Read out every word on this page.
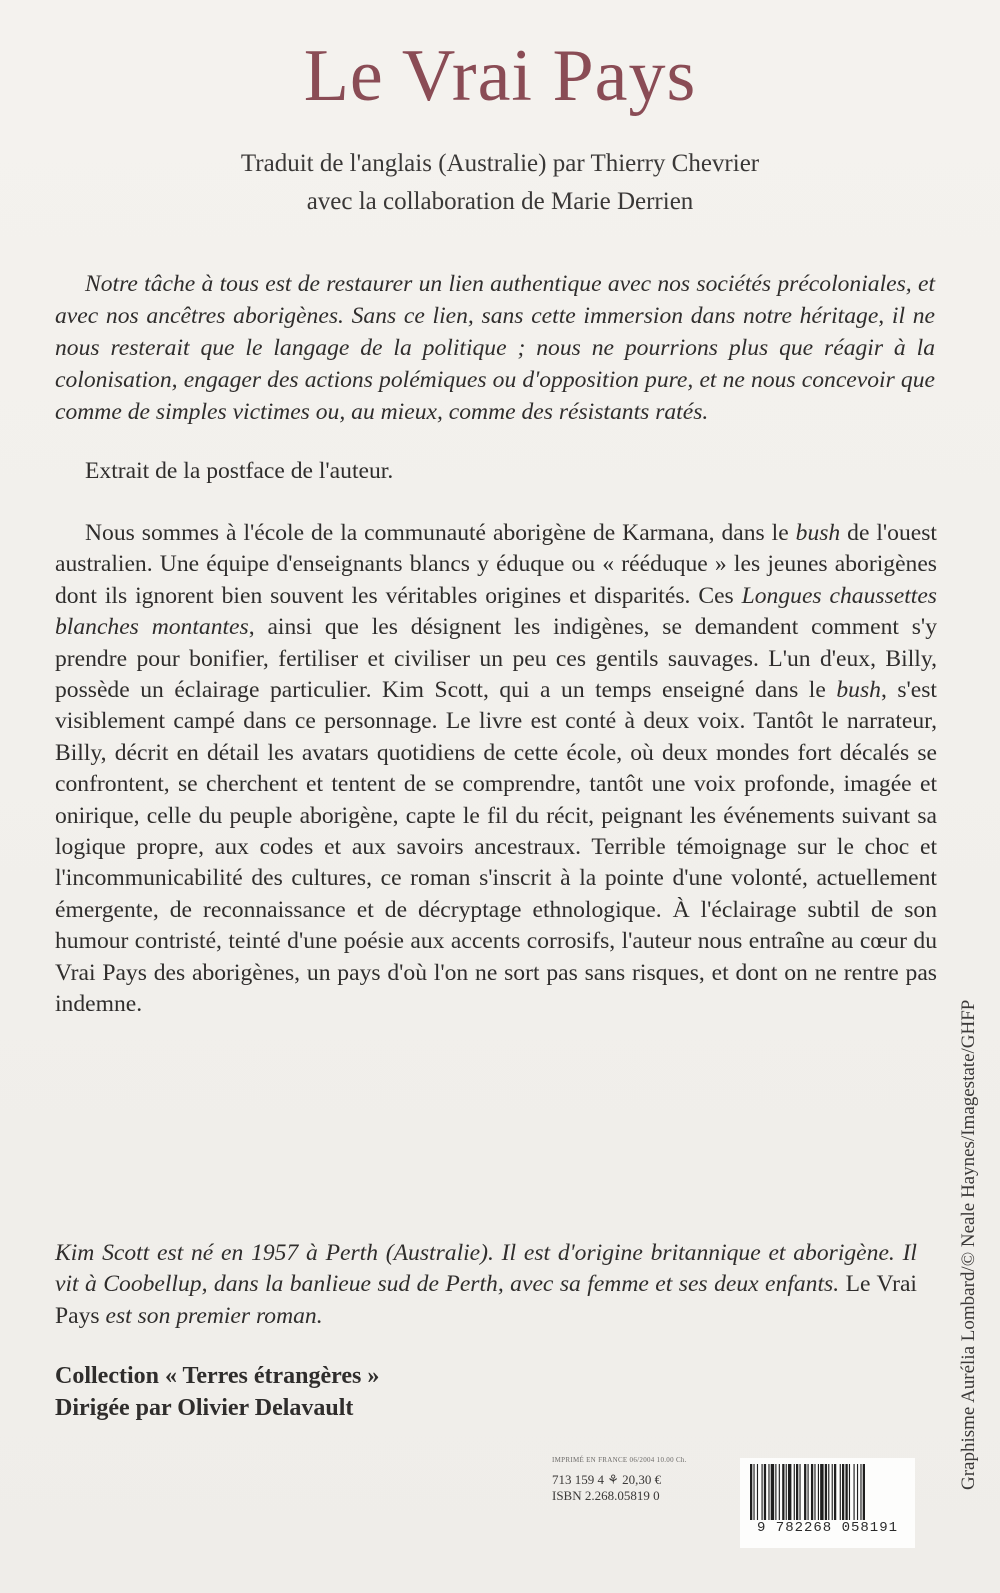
Le Vrai Pays
Traduit de l'anglais (Australie) par Thierry Chevrier
avec la collaboration de Marie Derrien

Notre tâche à tous est de restaurer un lien authentique avec nos sociétés précoloniales, et avec nos ancêtres aborigènes. Sans ce lien, sans cette immersion dans notre héritage, il ne nous resterait que le langage de la politique ; nous ne pourrions plus que réagir à la colonisation, engager des actions polémiques ou d'opposition pure, et ne nous concevoir que comme de simples victimes ou, au mieux, comme des résistants ratés.

Extrait de la postface de l'auteur.

Nous sommes à l'école de la communauté aborigène de Karmana, dans le bush de l'ouest australien. Une équipe d'enseignants blancs y éduque ou « rééduque » les jeunes aborigènes dont ils ignorent bien souvent les véritables origines et disparités. Ces Longues chaussettes blanches montantes, ainsi que les désignent les indigènes, se demandent comment s'y prendre pour bonifier, fertiliser et civiliser un peu ces gentils sauvages. L'un d'eux, Billy, possède un éclairage particulier. Kim Scott, qui a un temps enseigné dans le bush, s'est visiblement campé dans ce personnage. Le livre est conté à deux voix. Tantôt le narrateur, Billy, décrit en détail les avatars quotidiens de cette école, où deux mondes fort décalés se confrontent, se cherchent et tentent de se comprendre, tantôt une voix profonde, imagée et onirique, celle du peuple aborigène, capte le fil du récit, peignant les événements suivant sa logique propre, aux codes et aux savoirs ancestraux. Terrible témoignage sur le choc et l'incommunicabilité des cultures, ce roman s'inscrit à la pointe d'une volonté, actuellement émergente, de reconnaissance et de décryptage ethnologique. À l'éclairage subtil de son humour contristé, teinté d'une poésie aux accents corrosifs, l'auteur nous entraîne au cœur du Vrai Pays des aborigènes, un pays d'où l'on ne sort pas sans risques, et dont on ne rentre pas indemne.

Kim Scott est né en 1957 à Perth (Australie). Il est d'origine britannique et aborigène. Il vit à Coobellup, dans la banlieue sud de Perth, avec sa femme et ses deux enfants. Le Vrai Pays est son premier roman.

Collection « Terres étrangères »
Dirigée par Olivier Delavault	Graphisme Aurélia Lombard/© Neale Haynes/Imagestate/GHFP
IMPRIMÉ EN FRANCE 06/2004 10.00 Ch.
713 159 4 ⚘ 20,30 €
ISBN 2.268.05819 0
9 782268 058191
